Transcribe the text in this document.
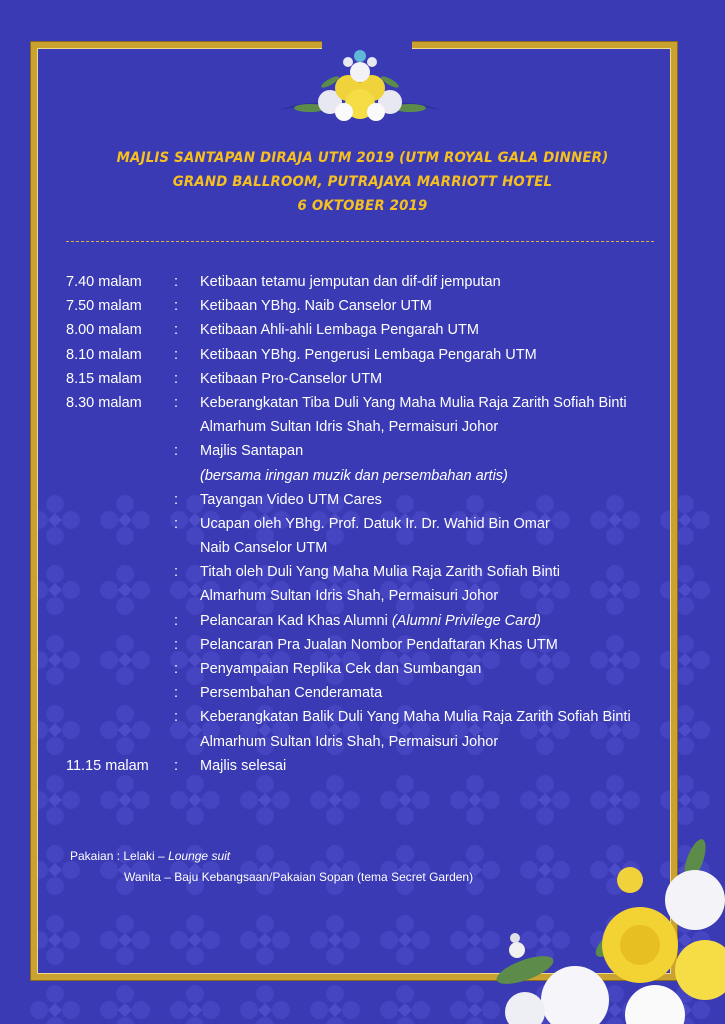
MAJLIS SANTAPAN DIRAJA UTM 2019 (UTM ROYAL GALA DINNER)
GRAND BALLROOM, PUTRAJAYA MARRIOTT HOTEL
6 OKTOBER 2019
7.40 malam	:	Ketibaan tetamu jemputan dan dif-dif jemputan
7.50 malam	:	Ketibaan YBhg. Naib Canselor UTM
8.00 malam	:	Ketibaan Ahli-ahli Lembaga Pengarah UTM
8.10 malam	:	Ketibaan YBhg. Pengerusi Lembaga Pengarah UTM
8.15 malam	:	Ketibaan Pro-Canselor UTM
8.30 malam	:	Keberangkatan Tiba Duli Yang Maha Mulia Raja Zarith Sofiah Binti
Almarhum Sultan Idris Shah, Permaisuri Johor
:	Majlis Santapan
(bersama iringan muzik dan persembahan artis)
:	Tayangan Video UTM Cares
:	Ucapan oleh YBhg. Prof. Datuk Ir. Dr. Wahid Bin Omar
Naib Canselor UTM
:	Titah oleh Duli Yang Maha Mulia Raja Zarith Sofiah Binti
Almarhum Sultan Idris Shah, Permaisuri Johor
:	Pelancaran Kad Khas Alumni (Alumni Privilege Card)
:	Pelancaran Pra Jualan Nombor Pendaftaran Khas UTM
:	Penyampaian Replika Cek dan Sumbangan
:	Persembahan Cenderamata
:	Keberangkatan Balik Duli Yang Maha Mulia Raja Zarith Sofiah Binti
Almarhum Sultan Idris Shah, Permaisuri Johor
11.15 malam	:	Majlis selesai
Pakaian : Lelaki – Lounge suit
Wanita – Baju Kebangsaan/Pakaian Sopan (tema Secret Garden)
